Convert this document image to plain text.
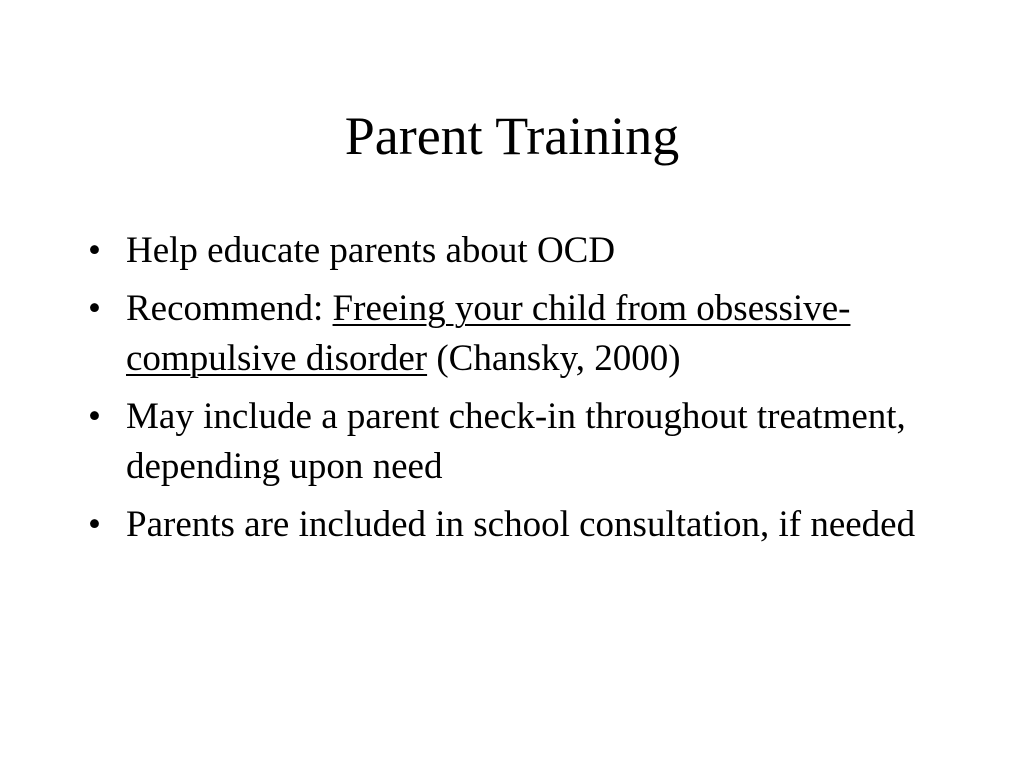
Parent Training
• Help educate parents about OCD
• Recommend: Freeing your child from obsessive-compulsive disorder (Chansky, 2000)
• May include a parent check-in throughout treatment, depending upon need
• Parents are included in school consultation, if needed
